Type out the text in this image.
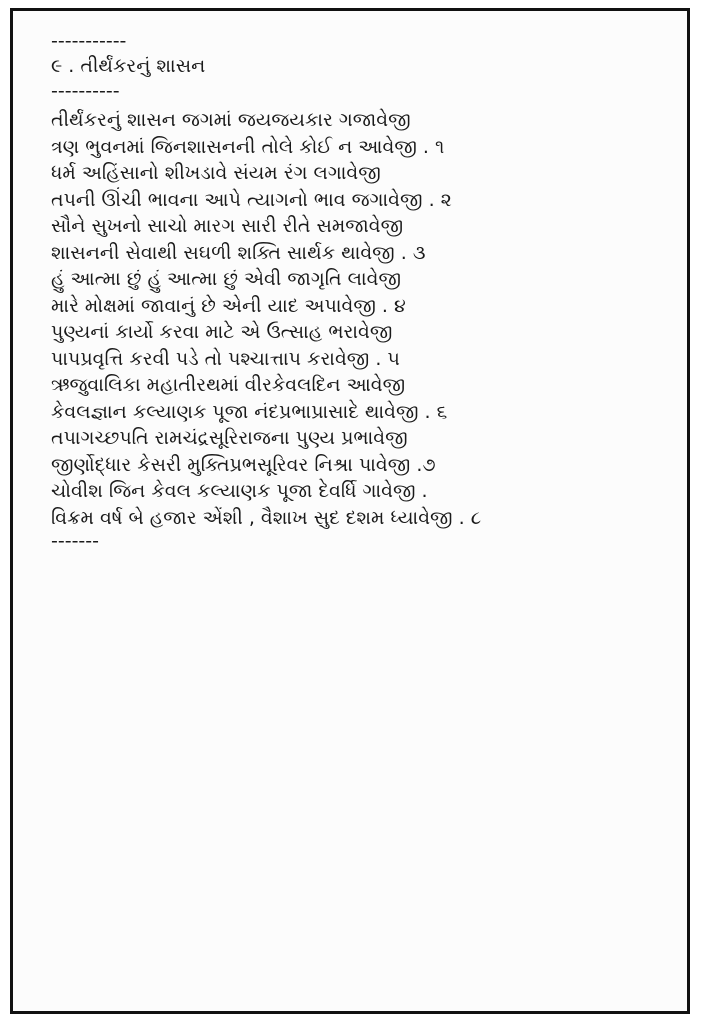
-----------
૯ . તીર્થંકરનું શાસન
----------
તીર્થંકરનું શાસન જગમાં જયજયકાર ગજાવેજી
ત્રણ ભુવનમાં જિનશાસનની તોલે કોઈ ન આવેજી . ૧
ધર્મ અહિંસાનો શીખડાવે સંયમ રંગ લગાવેજી
તપની ઊંચી ભાવના આપે ત્યાગનો ભાવ જગાવેજી . ૨
સૌને સુખનો સાચો મારગ સારી રીતે સમજાવેજી
શાસનની સેવાથી સઘળી શક્તિ સાર્થક થાવેજી . ૩
હું આત્મા છું હું આત્મા છું એવી જાગૃતિ લાવેજી
મારે મોક્ષમાં જાવાનું છે એની યાદ અપાવેજી . ૪
પુણ્યનાં કાર્યો કરવા માટે એ ઉત્સાહ ભરાવેજી
પાપપ્રવૃત્તિ કરવી પડે તો પશ્ચાત્તાપ કરાવેજી . ૫
ઋજુવાલિકા મહાતીરથમાં વીરકેવલદિન આવેજી
કેવલજ્ઞાન કલ્યાણક પૂજા નંદપ્રભાપ્રાસાદે થાવેજી . ૬
તપાગચ્છપતિ રામચંદ્રસૂરિરાજના પુણ્ય પ્રભાવેજી
જીર્ણોદ્ધાર કેસરી મુક્તિપ્રભસૂરિવર નિશ્રા પાવેજી .૭
ચોવીશ જિન કેવલ કલ્યાણક પૂજા દેવર્ધિ ગાવેજી .
વિક્રમ વર્ષ બે હજાર એંશી , વૈશાખ સુદ દશમ ધ્યાવેજી . ૮
-------
